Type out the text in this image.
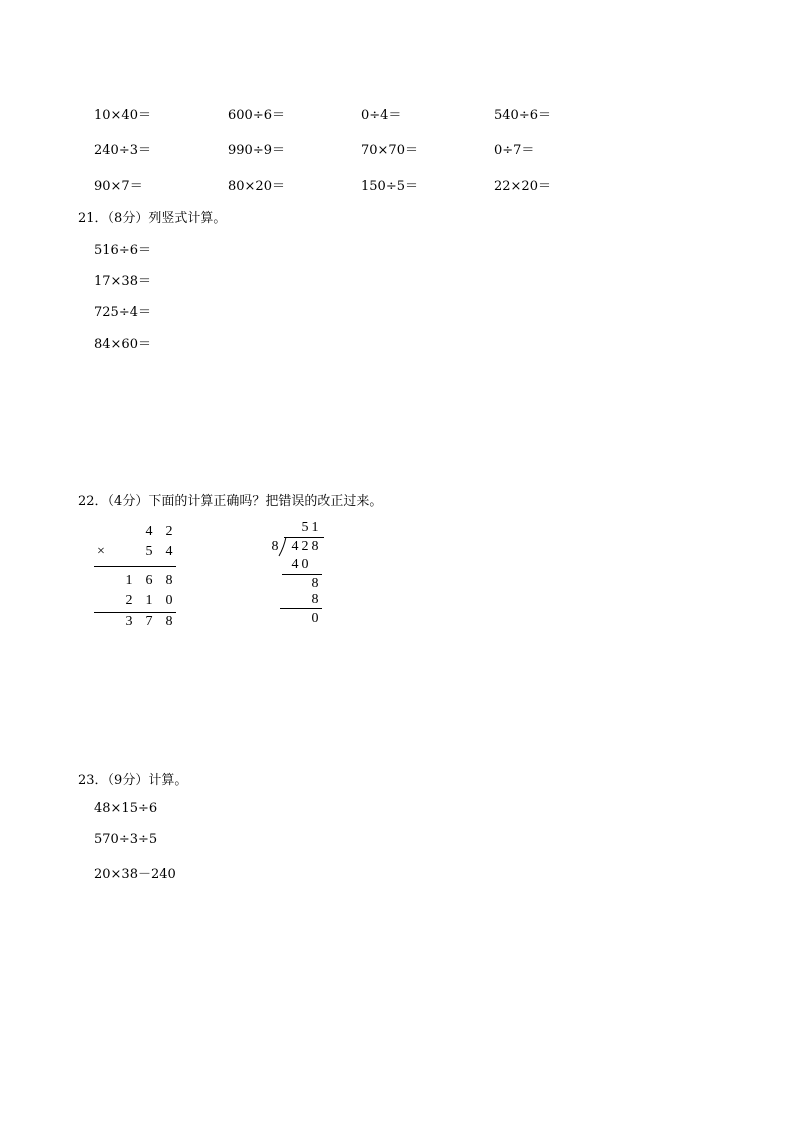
10×40＝	600÷6＝	0÷4＝	540÷6＝
240÷3＝	990÷9＝	70×70＝	0÷7＝
90×7＝	80×20＝	150÷5＝	22×20＝
21．（8分）列竖式计算。
516÷6＝
17×38＝
725÷4＝
84×60＝
22．（4分）下面的计算正确吗？把错误的改正过来。
4 2
×	5 4
1 6 8
2 1 0
3 7 8
5 1
8 4 2 8
4 0
8
8
0
23．（9分）计算。
48×15÷6
570÷3÷5
20×38－240
